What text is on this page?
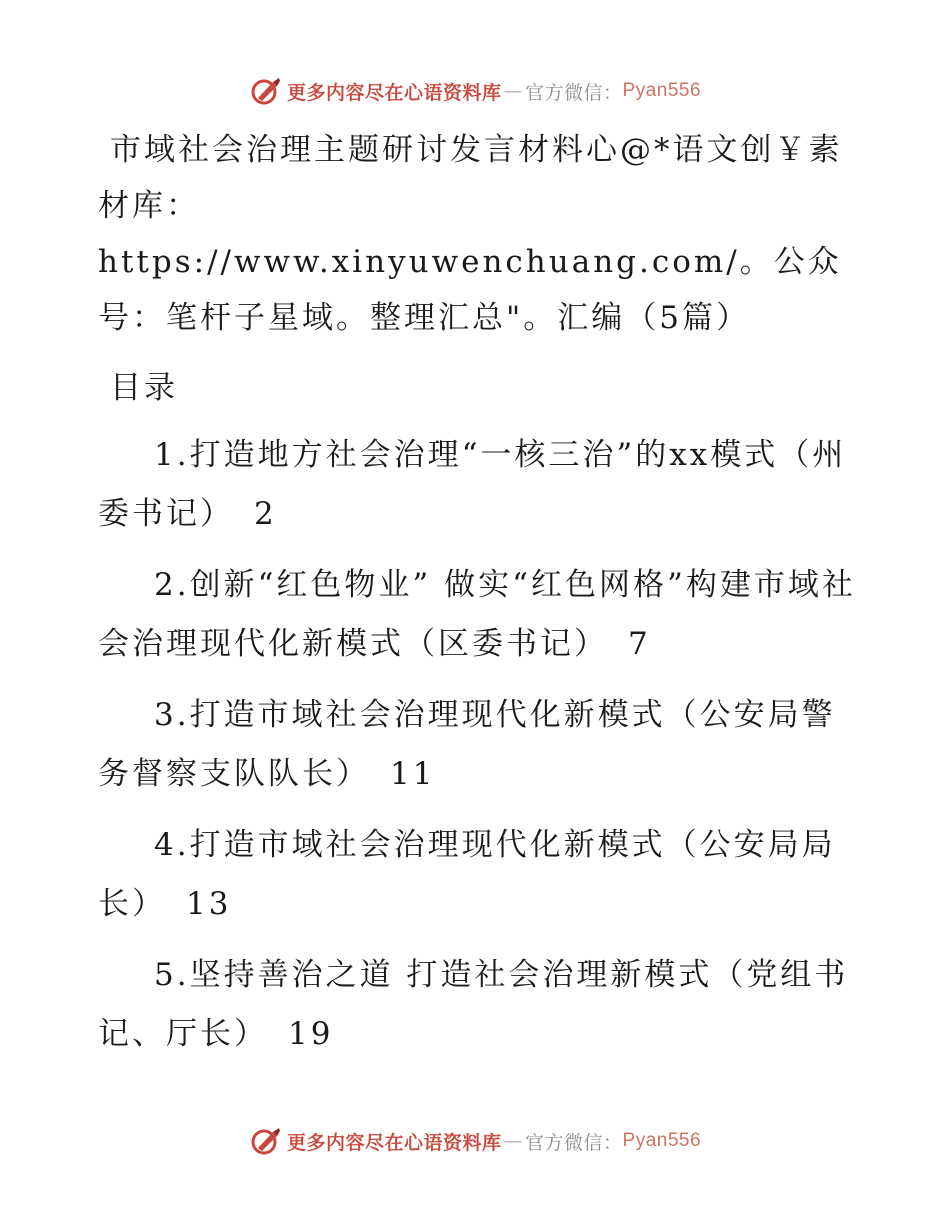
更多内容尽在心语资料库 — 官方微信 ： Pyan556

市域社会治理主题研讨发言材料心@*语文创￥素材库：https://www.xinyuwenchuang.com/。公众号：笔杆子星域。整理汇总"。汇编（5篇）

目录
1.打造地方社会治理“一核三治”的xx模式（州委书记） 2
2.创新“红色物业” 做实“红色网格”构建市域社会治理现代化新模式（区委书记） 7
3.打造市域社会治理现代化新模式（公安局警务督察支队队长） 11
4.打造市域社会治理现代化新模式（公安局局长） 13
5.坚持善治之道 打造社会治理新模式（党组书记、厅长） 19
更多内容尽在心语资料库 — 官方微信 ： Pyan556
